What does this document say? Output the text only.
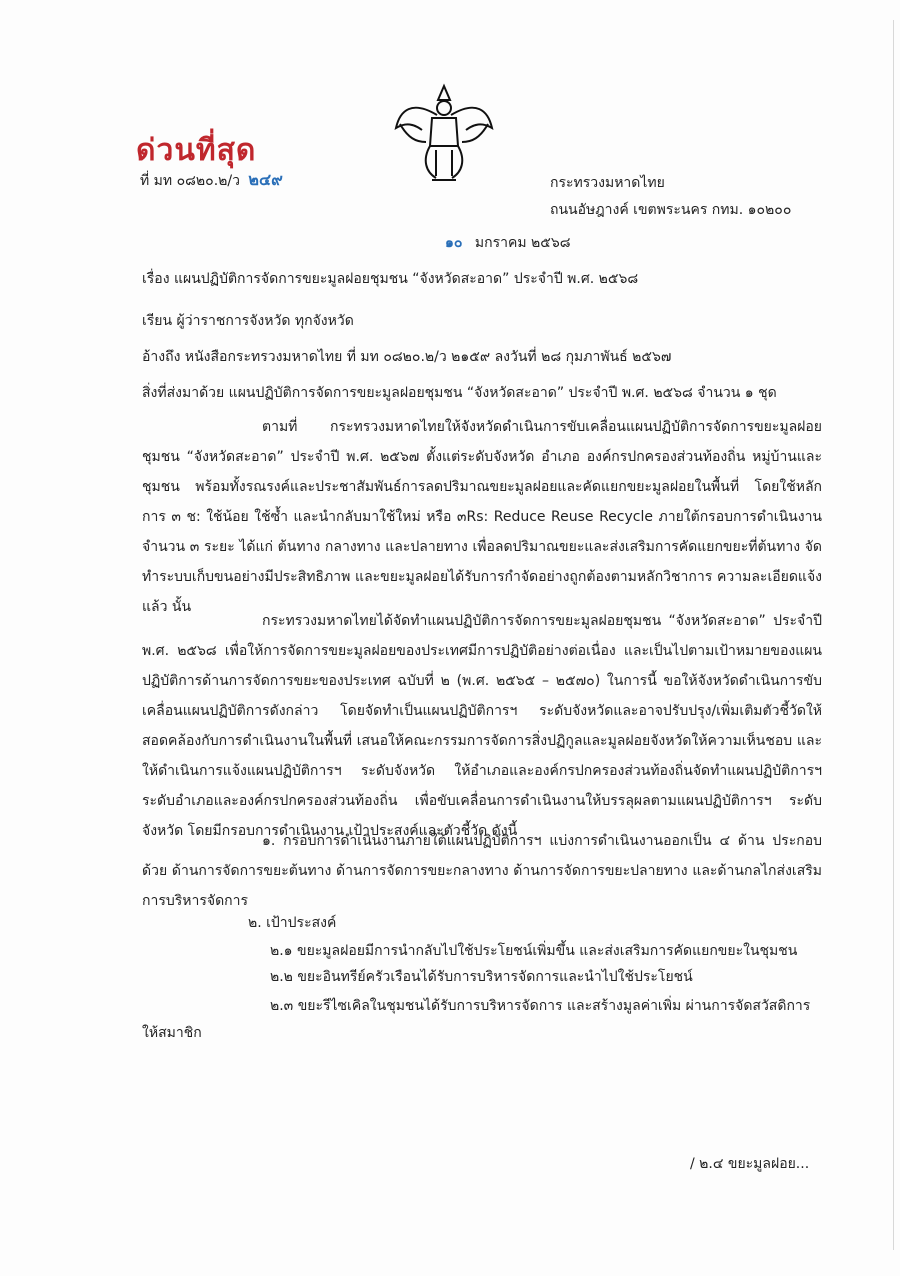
ด่วนที่สุด
ที่ มท ๐๘๒๐.๒/ว ๒๔๙	กระทรวงมหาดไทย
ถนนอัษฎางค์ เขตพระนคร กทม. ๑๐๒๐๐
๑๐ มกราคม ๒๕๖๘
เรื่อง แผนปฏิบัติการจัดการขยะมูลฝอยชุมชน “จังหวัดสะอาด” ประจำปี พ.ศ. ๒๕๖๘
เรียน ผู้ว่าราชการจังหวัด ทุกจังหวัด
อ้างถึง หนังสือกระทรวงมหาดไทย ที่ มท ๐๘๒๐.๒/ว ๒๑๕๙ ลงวันที่ ๒๘ กุมภาพันธ์ ๒๕๖๗
สิ่งที่ส่งมาด้วย แผนปฏิบัติการจัดการขยะมูลฝอยชุมชน “จังหวัดสะอาด” ประจำปี พ.ศ. ๒๕๖๘ จำนวน ๑ ชุด
ตามที่ กระทรวงมหาดไทยให้จังหวัดดำเนินการขับเคลื่อนแผนปฏิบัติการจัดการขยะมูลฝอยชุมชน “จังหวัดสะอาด” ประจำปี พ.ศ. ๒๕๖๗ ตั้งแต่ระดับจังหวัด อำเภอ องค์กรปกครองส่วนท้องถิ่น หมู่บ้านและชุมชน พร้อมทั้งรณรงค์และประชาสัมพันธ์การลดปริมาณขยะมูลฝอยและคัดแยกขยะมูลฝอยในพื้นที่ โดยใช้หลักการ ๓ ช: ใช้น้อย ใช้ซ้ำ และนำกลับมาใช้ใหม่ หรือ ๓Rs: Reduce Reuse Recycle ภายใต้กรอบการดำเนินงาน จำนวน ๓ ระยะ ได้แก่ ต้นทาง กลางทาง และปลายทาง เพื่อลดปริมาณขยะและส่งเสริมการคัดแยกขยะที่ต้นทาง จัดทำระบบเก็บขนอย่างมีประสิทธิภาพ และขยะมูลฝอยได้รับการกำจัดอย่างถูกต้องตามหลักวิชาการ ความละเอียดแจ้งแล้ว นั้น
กระทรวงมหาดไทยได้จัดทำแผนปฏิบัติการจัดการขยะมูลฝอยชุมชน “จังหวัดสะอาด” ประจำปี พ.ศ. ๒๕๖๘ เพื่อให้การจัดการขยะมูลฝอยของประเทศมีการปฏิบัติอย่างต่อเนื่อง และเป็นไปตามเป้าหมายของแผนปฏิบัติการด้านการจัดการขยะของประเทศ ฉบับที่ ๒ (พ.ศ. ๒๕๖๕ – ๒๕๗๐) ในการนี้ ขอให้จังหวัดดำเนินการขับเคลื่อนแผนปฏิบัติการดังกล่าว โดยจัดทำเป็นแผนปฏิบัติการฯ ระดับจังหวัดและอาจปรับปรุง/เพิ่มเติมตัวชี้วัดให้สอดคล้องกับการดำเนินงานในพื้นที่ เสนอให้คณะกรรมการจัดการสิ่งปฏิกูลและมูลฝอยจังหวัดให้ความเห็นชอบ และให้ดำเนินการแจ้งแผนปฏิบัติการฯ ระดับจังหวัด ให้อำเภอและองค์กรปกครองส่วนท้องถิ่นจัดทำแผนปฏิบัติการฯ ระดับอำเภอและองค์กรปกครองส่วนท้องถิ่น เพื่อขับเคลื่อนการดำเนินงานให้บรรลุผลตามแผนปฏิบัติการฯ ระดับจังหวัด โดยมีกรอบการดำเนินงาน เป้าประสงค์และตัวชี้วัด ดังนี้
๑. กรอบการดำเนินงานภายใต้แผนปฏิบัติการฯ แบ่งการดำเนินงานออกเป็น ๔ ด้าน ประกอบด้วย ด้านการจัดการขยะต้นทาง ด้านการจัดการขยะกลางทาง ด้านการจัดการขยะปลายทาง และด้านกลไกส่งเสริมการบริหารจัดการ
๒. เป้าประสงค์
๒.๑ ขยะมูลฝอยมีการนำกลับไปใช้ประโยชน์เพิ่มขึ้น และส่งเสริมการคัดแยกขยะในชุมชน
๒.๒ ขยะอินทรีย์ครัวเรือนได้รับการบริหารจัดการและนำไปใช้ประโยชน์
๒.๓ ขยะรีไซเคิลในชุมชนได้รับการบริหารจัดการ และสร้างมูลค่าเพิ่ม ผ่านการจัดสวัสดิการ
ให้สมาชิก
/ ๒.๔ ขยะมูลฝอย...
